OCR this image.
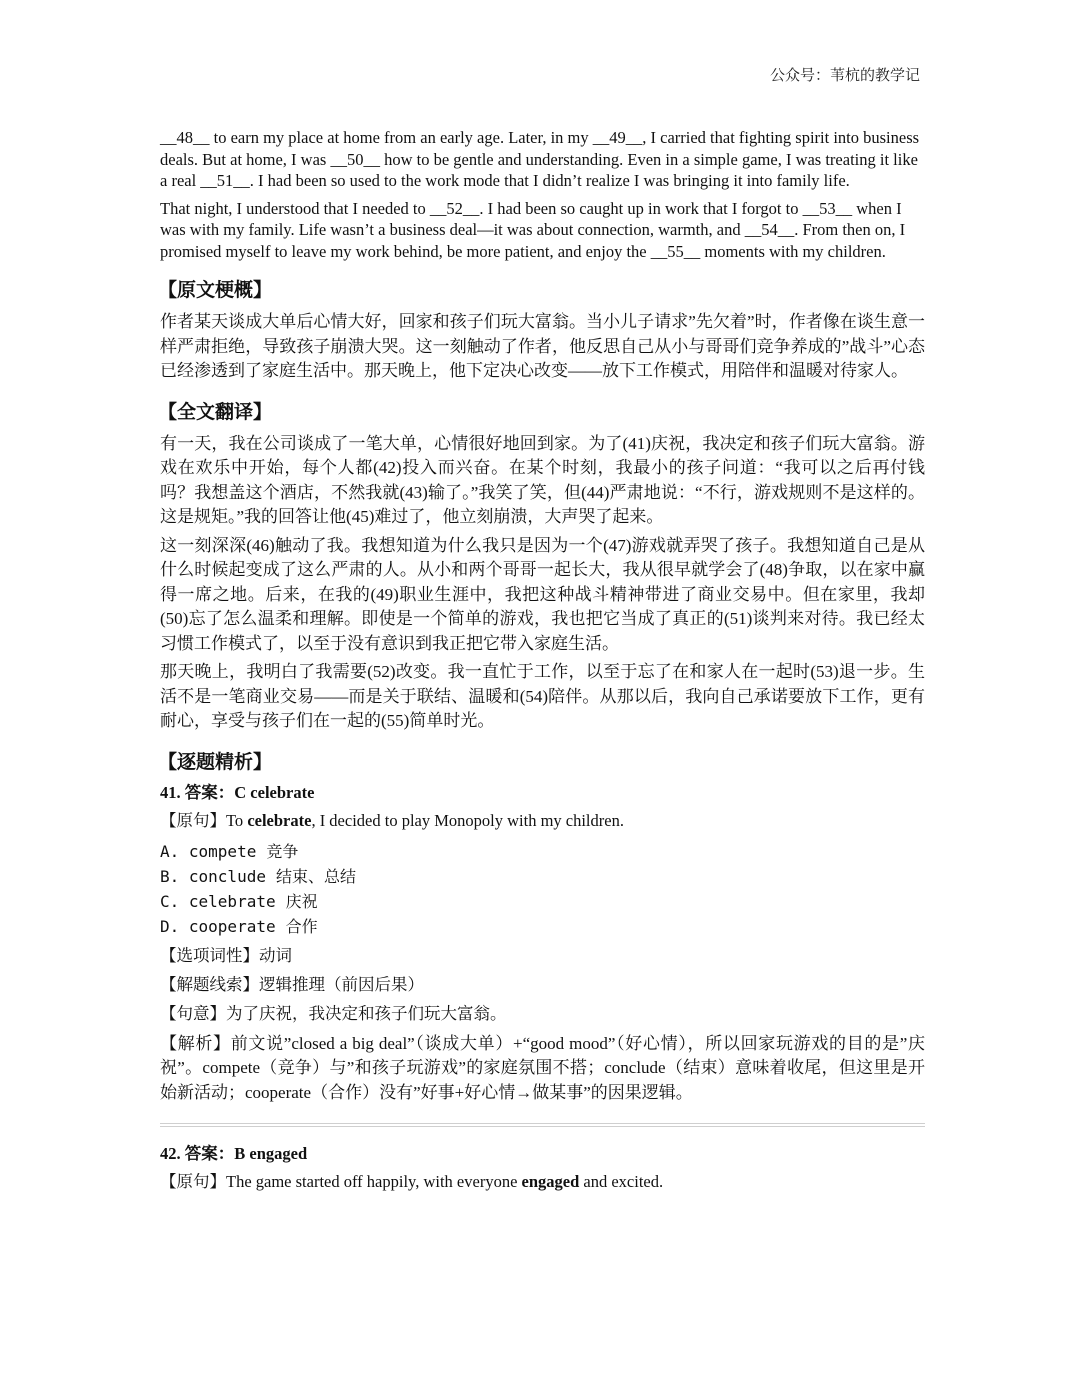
公众号：苇杭的教学记

__48__ to earn my place at home from an early age. Later, in my __49__, I carried that fighting spirit into business deals. But at home, I was __50__ how to be gentle and understanding. Even in a simple game, I was treating it like a real __51__. I had been so used to the work mode that I didn’t realize I was bringing it into family life.

That night, I understood that I needed to __52__. I had been so caught up in work that I forgot to __53__ when I was with my family. Life wasn’t a business deal—it was about connection, warmth, and __54__. From then on, I promised myself to leave my work behind, be more patient, and enjoy the __55__ moments with my children.

【原文梗概】

作者某天谈成大单后心情大好，回家和孩子们玩大富翁。当小儿子请求”先欠着”时，作者像在谈生意一样严肃拒绝，导致孩子崩溃大哭。这一刻触动了作者，他反思自己从小与哥哥们竞争养成的”战斗”心态已经渗透到了家庭生活中。那天晚上，他下定决心改变——放下工作模式，用陪伴和温暖对待家人。

【全文翻译】

有一天，我在公司谈成了一笔大单，心情很好地回到家。为了(41)庆祝，我决定和孩子们玩大富翁。游戏在欢乐中开始，每个人都(42)投入而兴奋。在某个时刻，我最小的孩子问道：“我可以之后再付钱吗？我想盖这个酒店，不然我就(43)输了。”我笑了笑，但(44)严肃地说：“不行，游戏规则不是这样的。这是规矩。”我的回答让他(45)难过了，他立刻崩溃，大声哭了起来。

这一刻深深(46)触动了我。我想知道为什么我只是因为一个(47)游戏就弄哭了孩子。我想知道自己是从什么时候起变成了这么严肃的人。从小和两个哥哥一起长大，我从很早就学会了(48)争取，以在家中赢得一席之地。后来，在我的(49)职业生涯中，我把这种战斗精神带进了商业交易中。但在家里，我却(50)忘了怎么温柔和理解。即使是一个简单的游戏，我也把它当成了真正的(51)谈判来对待。我已经太习惯工作模式了，以至于没有意识到我正把它带入家庭生活。

那天晚上，我明白了我需要(52)改变。我一直忙于工作，以至于忘了在和家人在一起时(53)退一步。生活不是一笔商业交易——而是关于联结、温暖和(54)陪伴。从那以后，我向自己承诺要放下工作，更有耐心，享受与孩子们在一起的(55)简单时光。

【逐题精析】
41. 答案：C celebrate

【原句】To celebrate, I decided to play Monopoly with my children.

A. compete 竞争

B. conclude 结束、总结

C. celebrate 庆祝

D. cooperate 合作

【选项词性】动词

【解题线索】逻辑推理（前因后果）

【句意】为了庆祝，我决定和孩子们玩大富翁。

【解析】前文说”closed a big deal”（谈成大单）+“good mood”（好心情），所以回家玩游戏的目的是”庆祝”。compete（竞争）与”和孩子玩游戏”的家庭氛围不搭；conclude（结束）意味着收尾，但这里是开始新活动；cooperate（合作）没有”好事+好心情→做某事”的因果逻辑。

42. 答案：B engaged

【原句】The game started off happily, with everyone engaged and excited.
